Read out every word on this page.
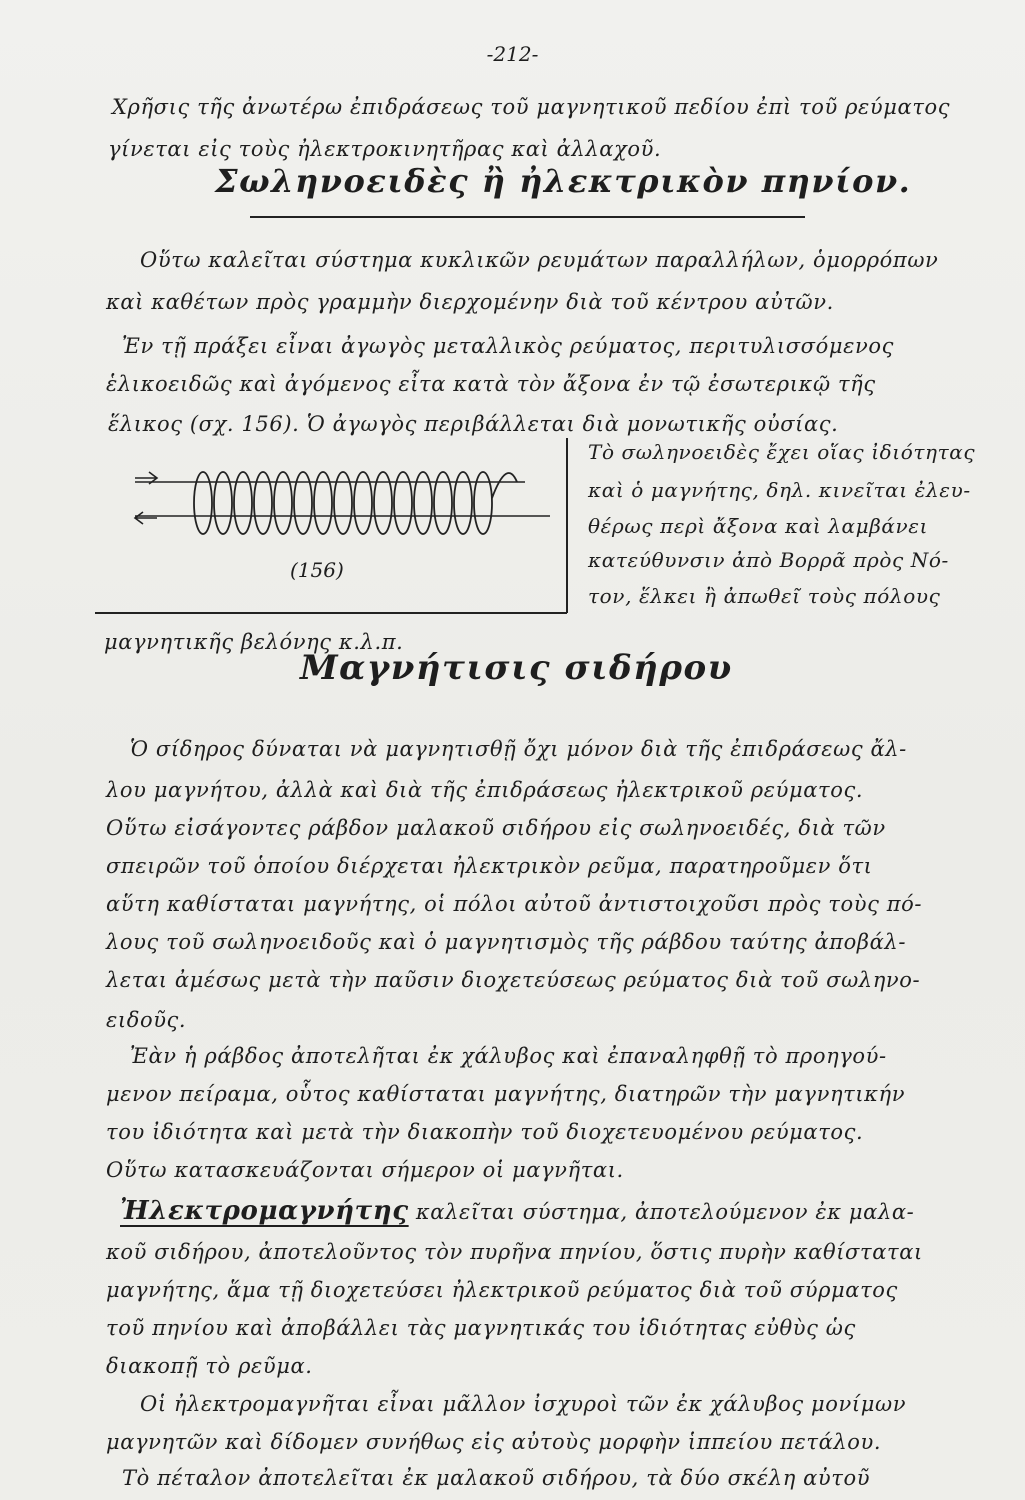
-212-
Χρῆσις τῆς ἀνωτέρω ἐπιδράσεως τοῦ μαγνητικοῦ πεδίου ἐπὶ τοῦ ρεύματος
γίνεται εἰς τοὺς ἠλεκτροκινητῆρας καὶ ἀλλαχοῦ.
Σωληνοειδὲς ἢ ἠλεκτρικὸν πηνίον.
Οὕτω καλεῖται σύστημα κυκλικῶν ρευμάτων παραλλήλων, ὁμορρόπων
καὶ καθέτων πρὸς γραμμὴν διερχομένην διὰ τοῦ κέντρου αὐτῶν.
Ἐν τῇ πράξει εἶναι ἀγωγὸς μεταλλικὸς ρεύματος, περιτυλισσόμενος
ἑλικοειδῶς καὶ ἀγόμενος εἶτα κατὰ τὸν ἄξονα ἐν τῷ ἐσωτερικῷ τῆς
ἕλικος (σχ. 156). Ὁ ἀγωγὸς περιβάλλεται διὰ μονωτικῆς οὐσίας.
(156)
Τὸ σωληνοειδὲς ἔχει οἵας ἰδιότητας
καὶ ὁ μαγνήτης, δηλ. κινεῖται ἐλευ-
θέρως περὶ ἄξονα καὶ λαμβάνει
κατεύθυνσιν ἀπὸ Βορρᾶ πρὸς Νό-
τον, ἕλκει ἢ ἀπωθεῖ τοὺς πόλους
μαγνητικῆς βελόνης κ.λ.π.
Μαγνήτισις σιδήρου
Ὁ σίδηρος δύναται νὰ μαγνητισθῇ ὄχι μόνον διὰ τῆς ἐπιδράσεως ἄλ-
λου μαγνήτου, ἀλλὰ καὶ διὰ τῆς ἐπιδράσεως ἠλεκτρικοῦ ρεύματος.
Οὕτω εἰσάγοντες ράβδον μαλακοῦ σιδήρου εἰς σωληνοειδές, διὰ τῶν
σπειρῶν τοῦ ὁποίου διέρχεται ἠλεκτρικὸν ρεῦμα, παρατηροῦμεν ὅτι
αὕτη καθίσταται μαγνήτης, οἱ πόλοι αὐτοῦ ἀντιστοιχοῦσι πρὸς τοὺς πό-
λους τοῦ σωληνοειδοῦς καὶ ὁ μαγνητισμὸς τῆς ράβδου ταύτης ἀποβάλ-
λεται ἀμέσως μετὰ τὴν παῦσιν διοχετεύσεως ρεύματος διὰ τοῦ σωληνο-
ειδοῦς.
Ἐὰν ἡ ράβδος ἀποτελῆται ἐκ χάλυβος καὶ ἐπαναληφθῇ τὸ προηγού-
μενον πείραμα, οὗτος καθίσταται μαγνήτης, διατηρῶν τὴν μαγνητικήν
του ἰδιότητα καὶ μετὰ τὴν διακοπὴν τοῦ διοχετευομένου ρεύματος.
Οὕτω κατασκευάζονται σήμερον οἱ μαγνῆται.
Ἠλεκτρομαγνήτης καλεῖται σύστημα, ἀποτελούμενον ἐκ μαλα-
κοῦ σιδήρου, ἀποτελοῦντος τὸν πυρῆνα πηνίου, ὅστις πυρὴν καθίσταται
μαγνήτης, ἅμα τῇ διοχετεύσει ἠλεκτρικοῦ ρεύματος διὰ τοῦ σύρματος
τοῦ πηνίου καὶ ἀποβάλλει τὰς μαγνητικάς του ἰδιότητας εὐθὺς ὡς
διακοπῇ τὸ ρεῦμα.
Οἱ ἠλεκτρομαγνῆται εἶναι μᾶλλον ἰσχυροὶ τῶν ἐκ χάλυβος μονίμων
μαγνητῶν καὶ δίδομεν συνήθως εἰς αὐτοὺς μορφὴν ἱππείου πετάλου.
Τὸ πέταλον ἀποτελεῖται ἐκ μαλακοῦ σιδήρου, τὰ δύο σκέλη αὐτοῦ
